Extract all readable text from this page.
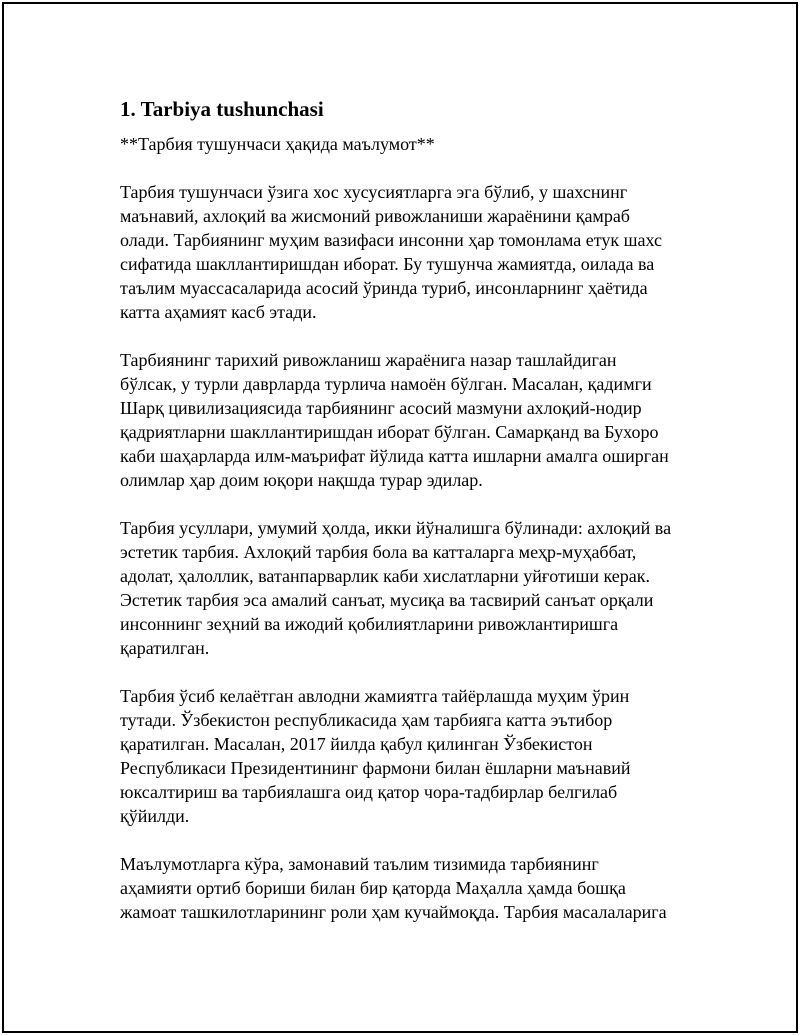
1. Tarbiya tushunchasi

**Тарбия тушунчаси ҳақида маълумот**

Тарбия тушунчаси ўзига хос хусусиятларга эга бўлиб, у шахснинг
маънавий, ахлоқий ва жисмоний ривожланиши жараёнини қамраб
олади. Тарбиянинг муҳим вазифаси инсонни ҳар томонлама етук шахс
сифатида шакллантиришдан иборат. Бу тушунча жамиятда, оилада ва
таълим муассасаларида асосий ўринда туриб, инсонларнинг ҳаётида
катта аҳамият касб этади.

Тарбиянинг тарихий ривожланиш жараёнига назар ташлайдиган
бўлсак, у турли даврларда турлича намоён бўлган. Масалан, қадимги
Шарқ цивилизациясида тарбиянинг асосий мазмуни ахлоқий-нодир
қадриятларни шакллантиришдан иборат бўлган. Самарқанд ва Бухоро
каби шаҳарларда илм-маърифат йўлида катта ишларни амалга оширган
олимлар ҳар доим юқори нақшда турар эдилар.

Тарбия усуллари, умумий ҳолда, икки йўналишга бўлинади: ахлоқий ва
эстетик тарбия. Ахлоқий тарбия бола ва катталарга меҳр-муҳаббат,
адолат, ҳалоллик, ватанпарварлик каби хислатларни уйғотиши керак.
Эстетик тарбия эса амалий санъат, мусиқа ва тасвирий санъат орқали
инсоннинг зеҳний ва ижодий қобилиятларини ривожлантиришга
қаратилган.

Тарбия ўсиб келаётган авлодни жамиятга тайёрлашда муҳим ўрин
тутади. Ўзбекистон республикасида ҳам тарбияга катта эътибор
қаратилган. Масалан, 2017 йилда қабул қилинган Ўзбекистон
Республикаси Президентининг фармони билан ёшларни маънавий
юксалтириш ва тарбиялашга оид қатор чора-тадбирлар белгилаб
қўйилди.

Маълумотларга кўра, замонавий таълим тизимида тарбиянинг
аҳамияти ортиб бориши билан бир қаторда Маҳалла ҳамда бошқа
жамоат ташкилотларининг роли ҳам кучаймоқда. Тарбия масалаларига
